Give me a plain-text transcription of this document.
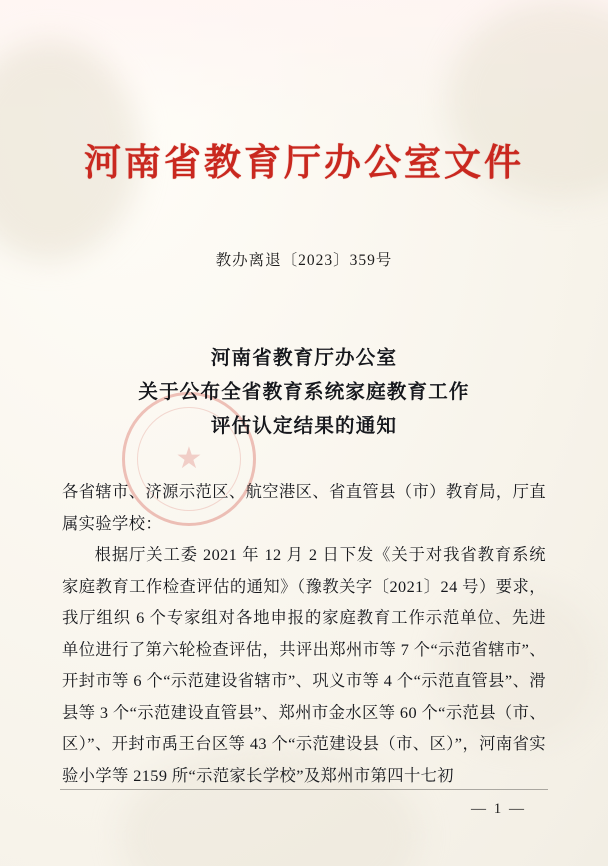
★
河南省教育厅办公室文件
教办离退〔2023〕359号
河南省教育厅办公室
关于公布全省教育系统家庭教育工作
评估认定结果的通知

各省辖市、济源示范区、航空港区、省直管县（市）教育局，厅直属实验学校：

根据厅关工委 2021 年 12 月 2 日下发《关于对我省教育系统家庭教育工作检查评估的通知》（豫教关字〔2021〕24 号）要求，我厅组织 6 个专家组对各地申报的家庭教育工作示范单位、先进单位进行了第六轮检查评估，共评出郑州市等 7 个“示范省辖市”、开封市等 6 个“示范建设省辖市”、巩义市等 4 个“示范直管县”、滑县等 3 个“示范建设直管县”、郑州市金水区等 60 个“示范县（市、区）”、开封市禹王台区等 43 个“示范建设县（市、区）”，河南省实验小学等 2159 所“示范家长学校”及郑州市第四十七初

— 1 —
